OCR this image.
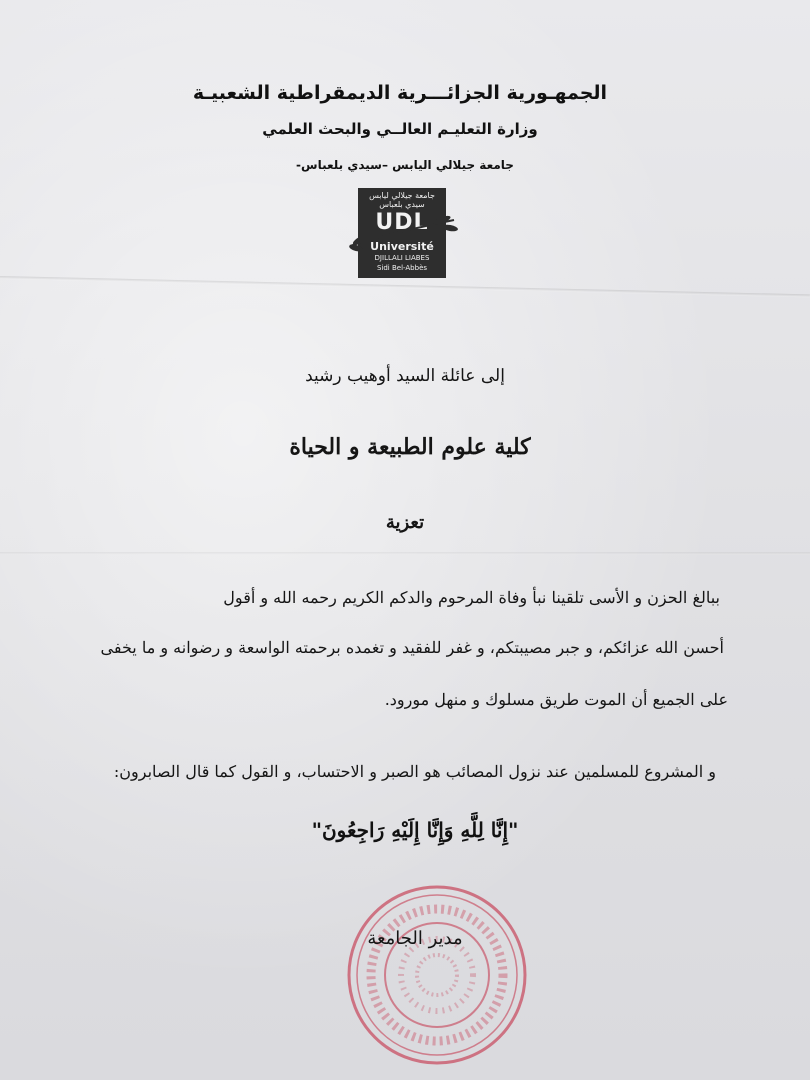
الجمهـورية الجزائـــرية الديمقراطية الشعبيـة
وزارة التعليـم العالــي والبحث العلمي
جامعة جيلالي اليابس –سيدي بلعباس-
جامعة جيلالي ليابس
سيدي بلعباس
UDL
Université
DJILLALI LIABES
Sidi Bel-Abbès
إلى عائلة السيد أوهيب رشيد
كلية علوم الطبيعة و الحياة
تعزية
ببالغ الحزن و الأسى تلقينا نبأ وفاة المرحوم والدكم الكريم رحمه الله و أقول
أحسن الله عزائكم، و جبر مصيبتكم، و غفر للفقيد و تغمده برحمته الواسعة و رضوانه و ما يخفى
على الجميع أن الموت طريق مسلوك و منهل مورود.
و المشروع للمسلمين عند نزول المصائب هو الصبر و الاحتساب، و القول كما قال الصابرون:
"إِنَّا لِلَّهِ وَإِنَّا إِلَيْهِ رَاجِعُونَ"
مدير الجامعة
